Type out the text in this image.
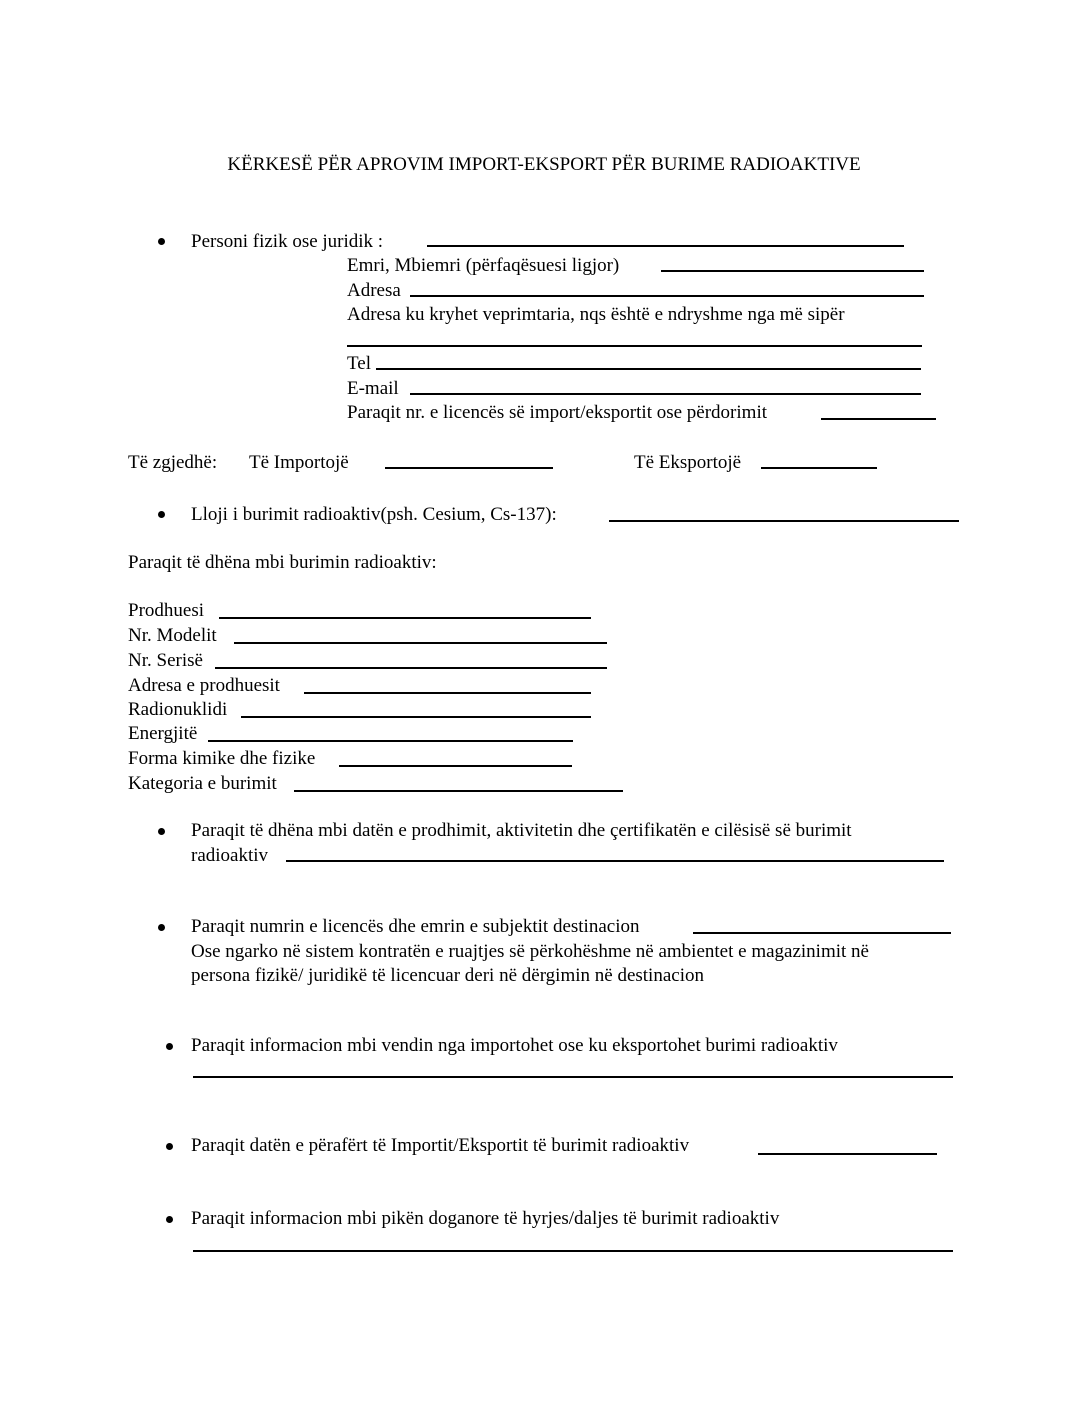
KËRKESË PËR APROVIM IMPORT-EKSPORT PËR BURIME RADIOAKTIVE
Personi fizik ose juridik :
Emri, Mbiemri (përfaqësuesi ligjor)
Adresa
Adresa ku kryhet veprimtaria, nqs është e ndryshme nga më sipër
Tel
E-mail
Paraqit nr. e licencës së import/eksportit ose përdorimit
Të zgjedhë: Të Importojë	Të Eksportojë
Lloji i burimit radioaktiv(psh. Cesium, Cs-137):
Paraqit të dhëna mbi burimin radioaktiv:
Prodhuesi
Nr. Modelit
Nr. Serisë
Adresa e prodhuesit
Radionuklidi
Energjitë
Forma kimike dhe fizike
Kategoria e burimit
Paraqit të dhëna mbi datën e prodhimit, aktivitetin dhe çertifikatën e cilësisë së burimit
radioaktiv
Paraqit numrin e licencës dhe emrin e subjektit destinacion
Ose ngarko në sistem kontratën e ruajtjes së përkohëshme në ambientet e magazinimit në
persona fizikë/ juridikë të licencuar deri në dërgimin në destinacion
Paraqit informacion mbi vendin nga importohet ose ku eksportohet burimi radioaktiv
Paraqit datën e përafërt të Importit/Eksportit të burimit radioaktiv
Paraqit informacion mbi pikën doganore të hyrjes/daljes të burimit radioaktiv
